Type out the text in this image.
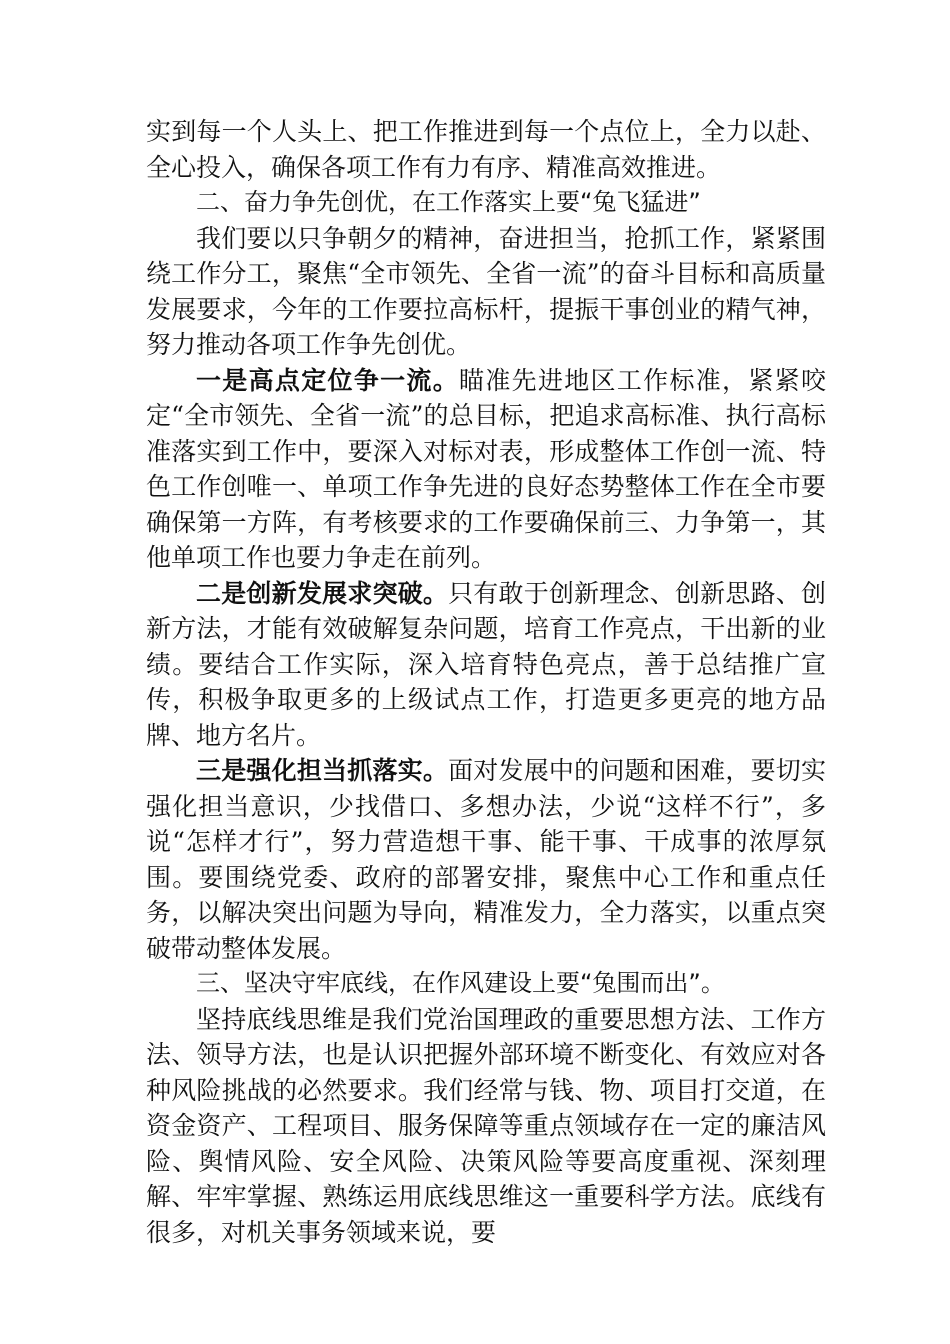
实到每一个人头上、把工作推进到每一个点位上，全力以赴、全心投入，确保各项工作有力有序、精准高效推进。

二、奋力争先创优，在工作落实上要“兔飞猛进”

我们要以只争朝夕的精神，奋进担当，抢抓工作，紧紧围绕工作分工，聚焦“全市领先、全省一流”的奋斗目标和高质量发展要求，今年的工作要拉高标杆，提振干事创业的精气神，努力推动各项工作争先创优。

一是高点定位争一流。瞄准先进地区工作标准，紧紧咬定“全市领先、全省一流”的总目标，把追求高标准、执行高标准落实到工作中，要深入对标对表，形成整体工作创一流、特色工作创唯一、单项工作争先进的良好态势整体工作在全市要确保第一方阵，有考核要求的工作要确保前三、力争第一，其他单项工作也要力争走在前列。

二是创新发展求突破。只有敢于创新理念、创新思路、创新方法，才能有效破解复杂问题，培育工作亮点，干出新的业绩。要结合工作实际，深入培育特色亮点，善于总结推广宣传，积极争取更多的上级试点工作，打造更多更亮的地方品牌、地方名片。

三是强化担当抓落实。面对发展中的问题和困难，要切实强化担当意识，少找借口、多想办法，少说“这样不行”，多说“怎样才行”，努力营造想干事、能干事、干成事的浓厚氛围。要围绕党委、政府的部署安排，聚焦中心工作和重点任务，以解决突出问题为导向，精准发力，全力落实，以重点突破带动整体发展。

三、坚决守牢底线，在作风建设上要“兔围而出”。

坚持底线思维是我们党治国理政的重要思想方法、工作方法、领导方法，也是认识把握外部环境不断变化、有效应对各种风险挑战的必然要求。我们经常与钱、物、项目打交道，在资金资产、工程项目、服务保障等重点领域存在一定的廉洁风险、舆情风险、安全风险、决策风险等要高度重视、深刻理解、牢牢掌握、熟练运用底线思维这一重要科学方法。底线有很多，对机关事务领域来说，要
